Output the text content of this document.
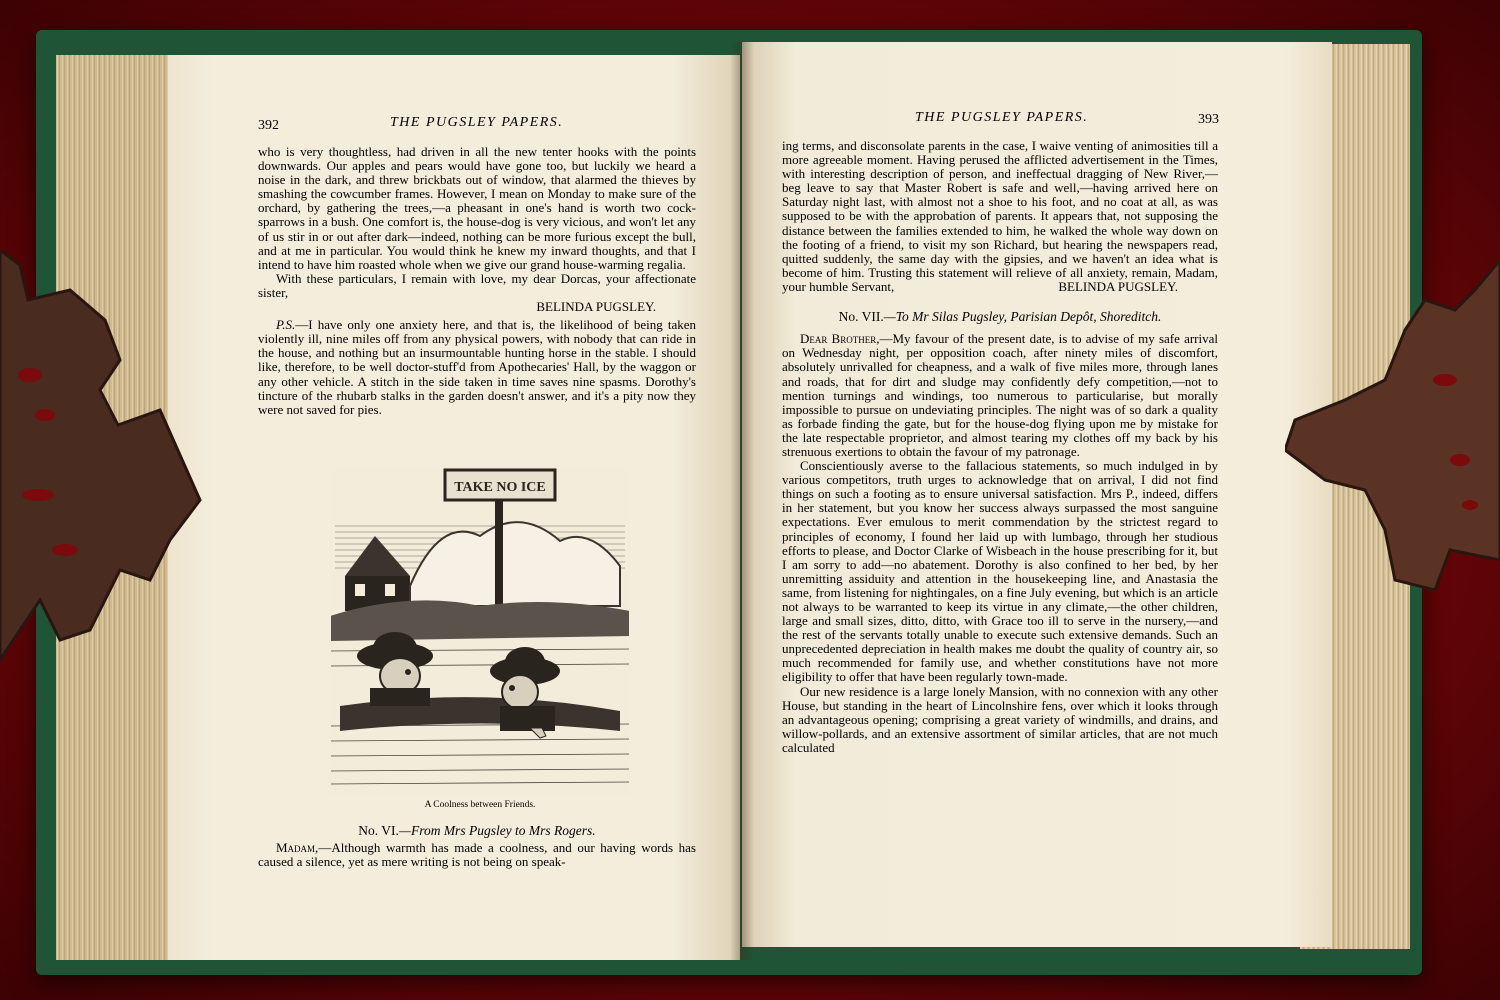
392	THE PUGSLEY PAPERS.

who is very thoughtless, had driven in all the new tenter hooks with the points downwards. Our apples and pears would have gone too, but luckily we heard a noise in the dark, and threw brickbats out of window, that alarmed the thieves by smashing the cowcumber frames. However, I mean on Monday to make sure of the orchard, by gathering the trees,—a pheasant in one's hand is worth two cock-sparrows in a bush. One comfort is, the house-dog is very vicious, and won't let any of us stir in or out after dark—indeed, nothing can be more furious except the bull, and at me in particular. You would think he knew my inward thoughts, and that I intend to have him roasted whole when we give our grand house-warming regalia.

With these particulars, I remain with love, my dear Dorcas, your affectionate sister,

BELINDA PUGSLEY.

P.S.—I have only one anxiety here, and that is, the likelihood of being taken violently ill, nine miles off from any physical powers, with nobody that can ride in the house, and nothing but an insurmountable hunting horse in the stable. I should like, therefore, to be well doctor-stuff'd from Apothecaries' Hall, by the waggon or any other vehicle. A stitch in the side taken in time saves nine spasms. Dorothy's tincture of the rhubarb stalks in the garden doesn't answer, and it's a pity now they were not saved for pies.

TAKE NO ICE
A Coolness between Friends.

No. VI.—From Mrs Pugsley to Mrs Rogers.

Madam,—Although warmth has made a coolness, and our having words has caused a silence, yet as mere writing is not being on speak-

THE PUGSLEY PAPERS.	393

ing terms, and disconsolate parents in the case, I waive venting of animosities till a more agreeable moment. Having perused the afflicted advertisement in the Times, with interesting description of person, and ineffectual dragging of New River,—beg leave to say that Master Robert is safe and well,—having arrived here on Saturday night last, with almost not a shoe to his foot, and no coat at all, as was supposed to be with the approbation of parents. It appears that, not supposing the distance between the families extended to him, he walked the whole way down on the footing of a friend, to visit my son Richard, but hearing the newspapers read, quitted suddenly, the same day with the gipsies, and we haven't an idea what is become of him. Trusting this statement will relieve of all anxiety, remain, Madam, your humble Servant,	BELINDA PUGSLEY.

No. VII.—To Mr Silas Pugsley, Parisian Depôt, Shoreditch.

Dear Brother,—My favour of the present date, is to advise of my safe arrival on Wednesday night, per opposition coach, after ninety miles of discomfort, absolutely unrivalled for cheapness, and a walk of five miles more, through lanes and roads, that for dirt and sludge may confidently defy competition,—not to mention turnings and windings, too numerous to particularise, but morally impossible to pursue on undeviating principles. The night was of so dark a quality as forbade finding the gate, but for the house-dog flying upon me by mistake for the late respectable proprietor, and almost tearing my clothes off my back by his strenuous exertions to obtain the favour of my patronage.

Conscientiously averse to the fallacious statements, so much indulged in by various competitors, truth urges to acknowledge that on arrival, I did not find things on such a footing as to ensure universal satisfaction. Mrs P., indeed, differs in her statement, but you know her success always surpassed the most sanguine expectations. Ever emulous to merit commendation by the strictest regard to principles of economy, I found her laid up with lumbago, through her studious efforts to please, and Doctor Clarke of Wisbeach in the house prescribing for it, but I am sorry to add—no abatement. Dorothy is also confined to her bed, by her unremitting assiduity and attention in the housekeeping line, and Anastasia the same, from listening for nightingales, on a fine July evening, but which is an article not always to be warranted to keep its virtue in any climate,—the other children, large and small sizes, ditto, ditto, with Grace too ill to serve in the nursery,—and the rest of the servants totally unable to execute such extensive demands. Such an unprecedented depreciation in health makes me doubt the quality of country air, so much recommended for family use, and whether constitutions have not more eligibility to offer that have been regularly town-made.

Our new residence is a large lonely Mansion, with no connexion with any other House, but standing in the heart of Lincolnshire fens, over which it looks through an advantageous opening; comprising a great variety of windmills, and drains, and willow-pollards, and an extensive assortment of similar articles, that are not much calculated
